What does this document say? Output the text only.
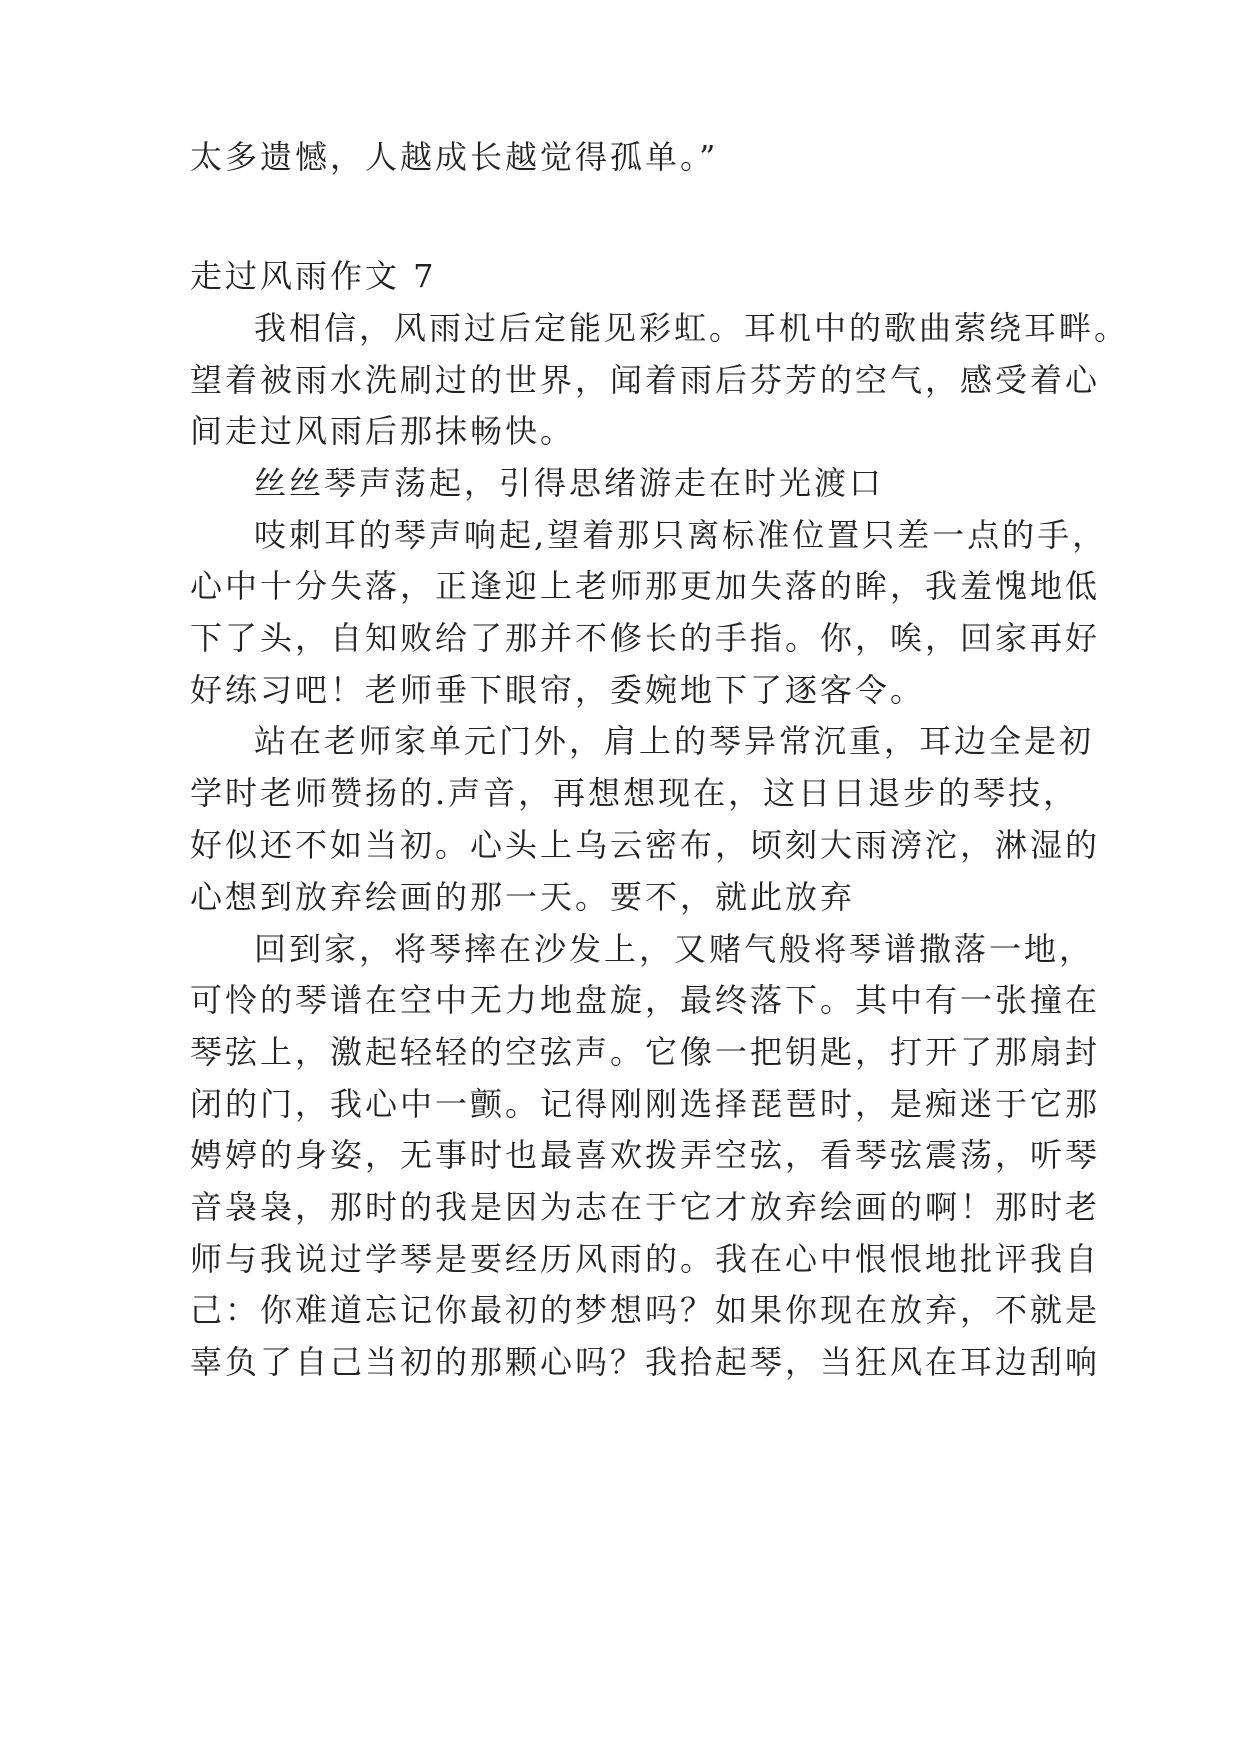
太多遗憾，人越成长越觉得孤单。”
走过风雨作文 7
我相信，风雨过后定能见彩虹。耳机中的歌曲萦绕耳畔。
望着被雨水洗刷过的世界，闻着雨后芬芳的空气，感受着心
间走过风雨后那抹畅快。
丝丝琴声荡起，引得思绪游走在时光渡口
吱刺耳的琴声响起,望着那只离标准位置只差一点的手，
心中十分失落，正逢迎上老师那更加失落的眸，我羞愧地低
下了头，自知败给了那并不修长的手指。你，唉，回家再好
好练习吧！老师垂下眼帘，委婉地下了逐客令。
站在老师家单元门外，肩上的琴异常沉重，耳边全是初
学时老师赞扬的.声音，再想想现在，这日日退步的琴技，
好似还不如当初。心头上乌云密布，顷刻大雨滂沱，淋湿的
心想到放弃绘画的那一天。要不，就此放弃
回到家，将琴摔在沙发上，又赌气般将琴谱撒落一地，
可怜的琴谱在空中无力地盘旋，最终落下。其中有一张撞在
琴弦上，激起轻轻的空弦声。它像一把钥匙，打开了那扇封
闭的门，我心中一颤。记得刚刚选择琵琶时，是痴迷于它那
娉婷的身姿，无事时也最喜欢拨弄空弦，看琴弦震荡，听琴
音袅袅，那时的我是因为志在于它才放弃绘画的啊！那时老
师与我说过学琴是要经历风雨的。我在心中恨恨地批评我自
己：你难道忘记你最初的梦想吗？如果你现在放弃，不就是
辜负了自己当初的那颗心吗？我拾起琴，当狂风在耳边刮响
